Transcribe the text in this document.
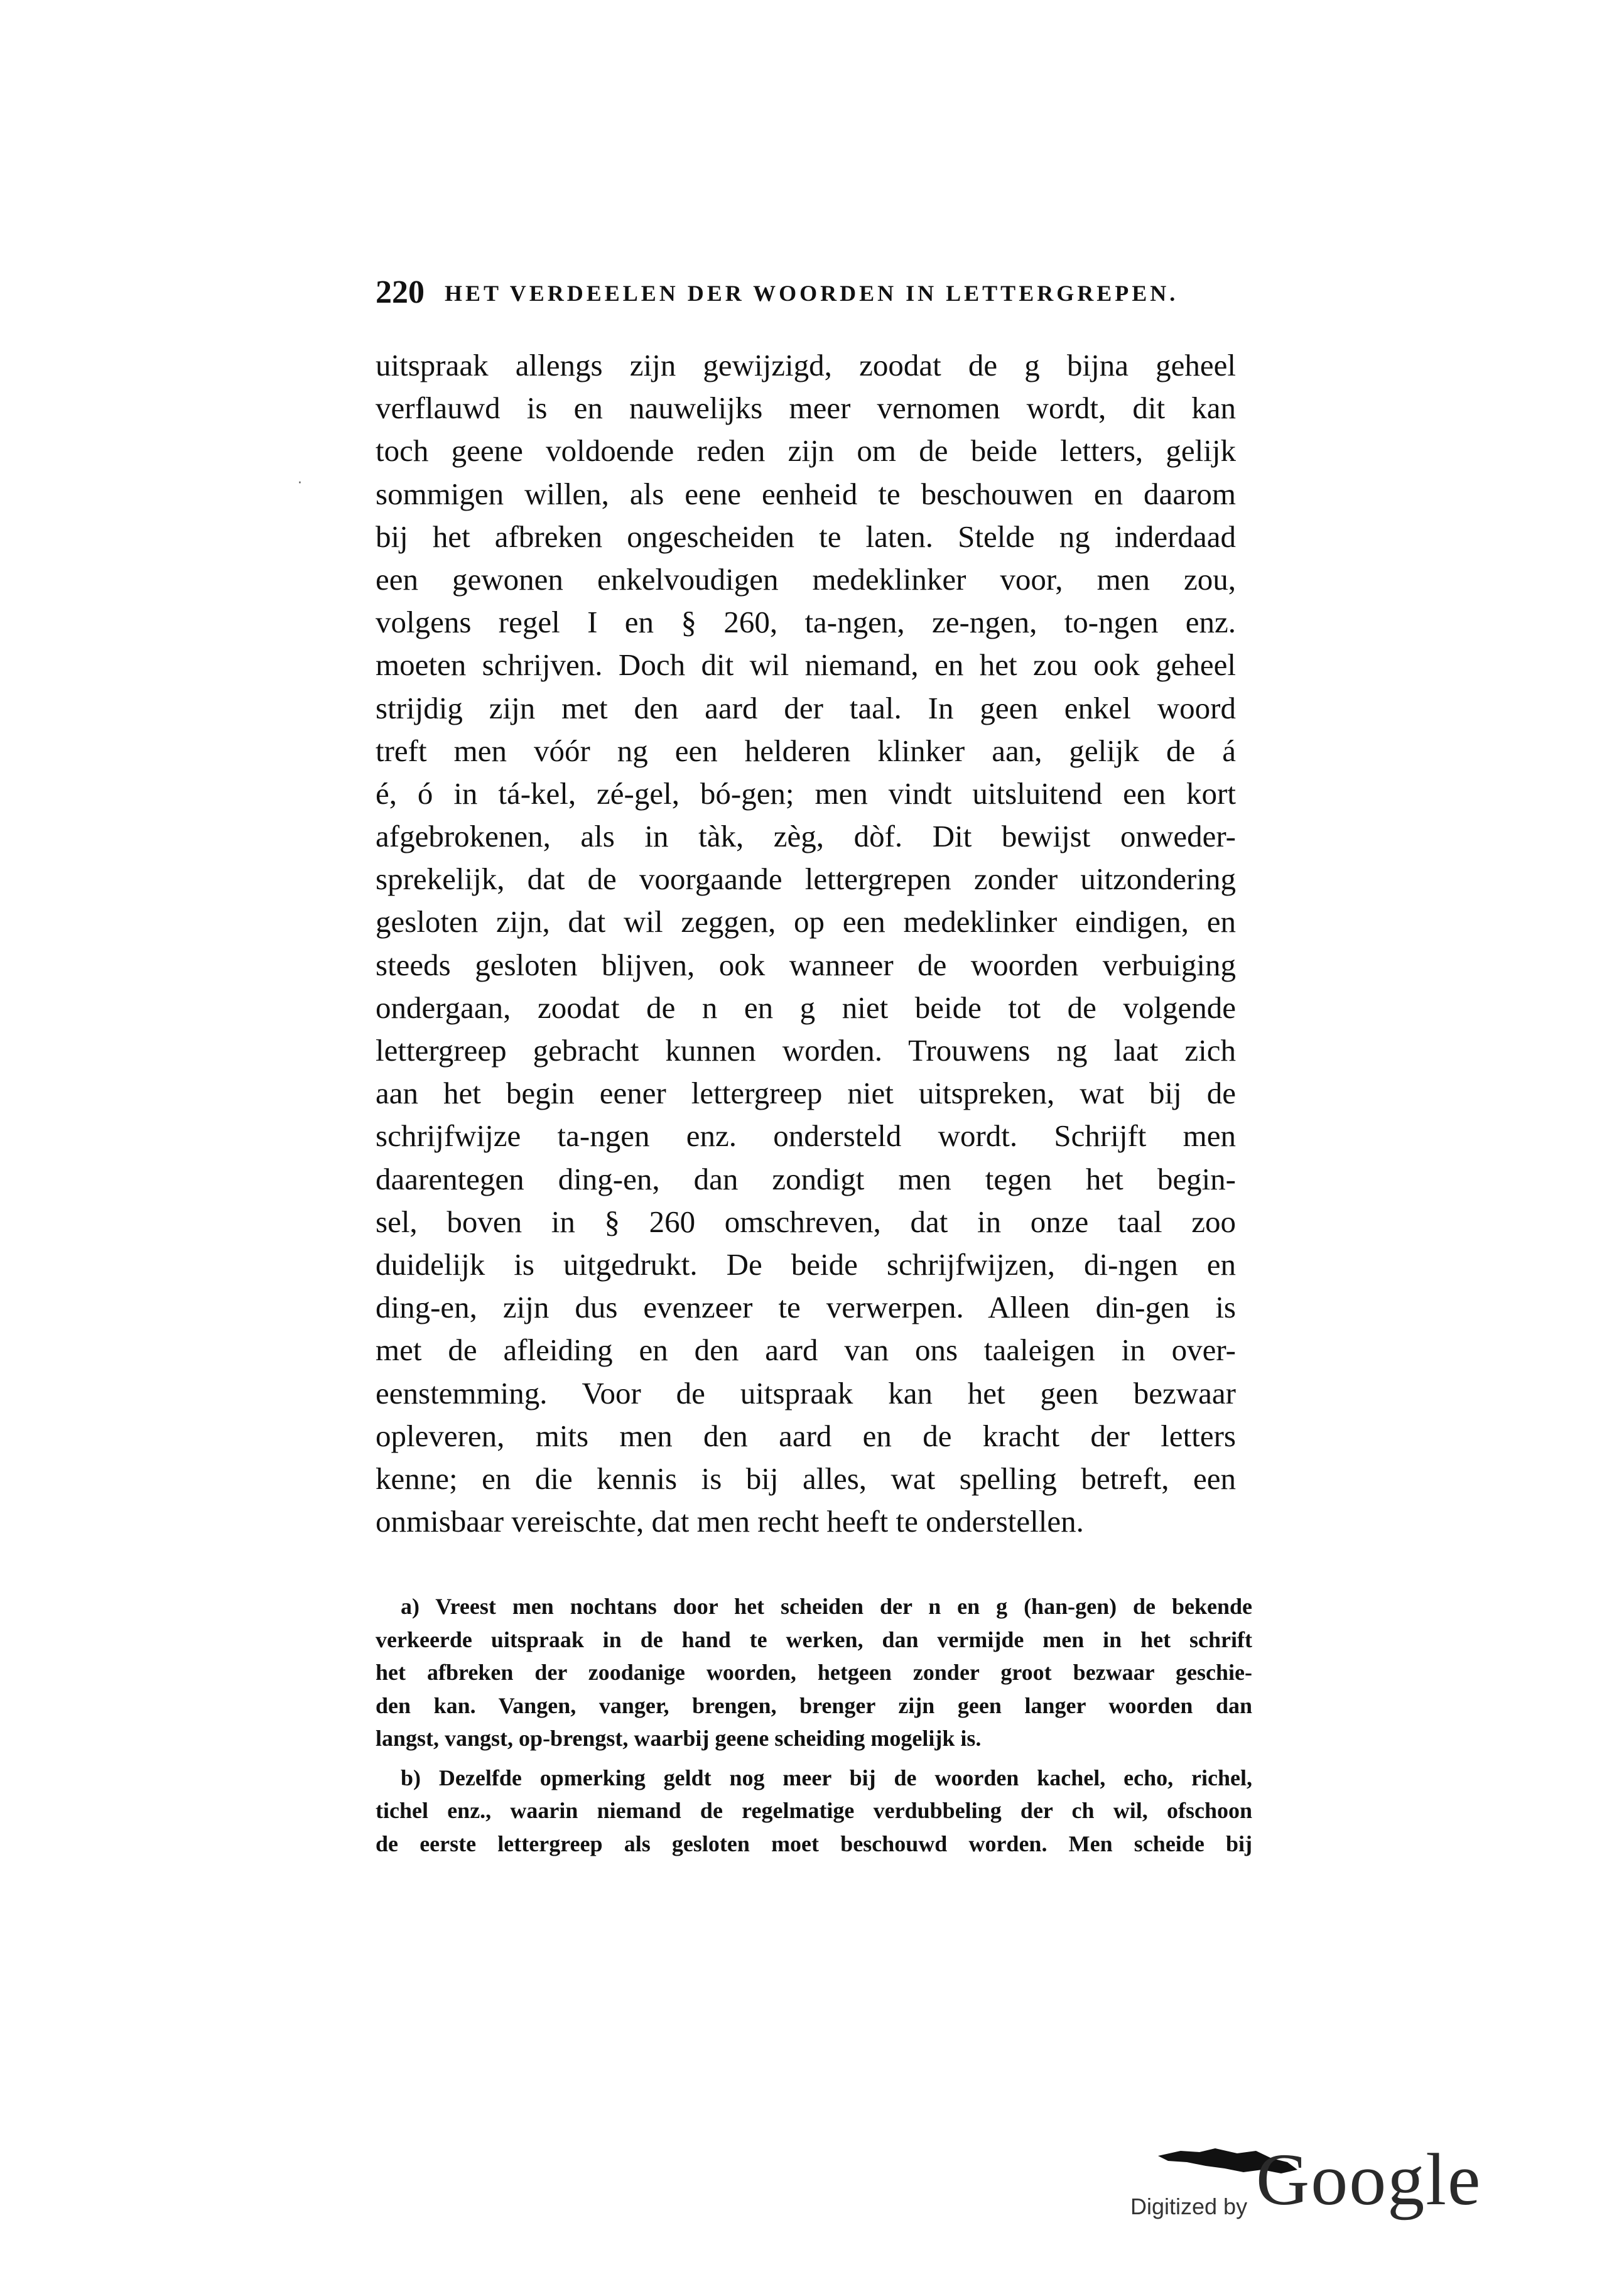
220 HET VERDEELEN DER WOORDEN IN LETTERGREPEN.
·
uitspraak allengs zijn gewijzigd, zoodat de g bijna geheel
verflauwd is en nauwelijks meer vernomen wordt, dit kan
toch geene voldoende reden zijn om de beide letters, gelijk
sommigen willen, als eene eenheid te beschouwen en daarom
bij het afbreken ongescheiden te laten. Stelde ng inderdaad
een gewonen enkelvoudigen medeklinker voor, men zou,
volgens regel I en § 260, ta-ngen, ze-ngen, to-ngen enz.
moeten schrijven. Doch dit wil niemand, en het zou ook geheel
strijdig zijn met den aard der taal. In geen enkel woord
treft men vóór ng een helderen klinker aan, gelijk de á
é, ó in tá-kel, zé-gel, bó-gen; men vindt uitsluitend een kort
afgebrokenen, als in tàk, zèg, dòf. Dit bewijst onweder-
sprekelijk, dat de voorgaande lettergrepen zonder uitzondering
gesloten zijn, dat wil zeggen, op een medeklinker eindigen, en
steeds gesloten blijven, ook wanneer de woorden verbuiging
ondergaan, zoodat de n en g niet beide tot de volgende
lettergreep gebracht kunnen worden. Trouwens ng laat zich
aan het begin eener lettergreep niet uitspreken, wat bij de
schrijfwijze ta-ngen enz. ondersteld wordt. Schrijft men
daarentegen ding-en, dan zondigt men tegen het begin-
sel, boven in § 260 omschreven, dat in onze taal zoo
duidelijk is uitgedrukt. De beide schrijfwijzen, di-ngen en
ding-en, zijn dus evenzeer te verwerpen. Alleen din-gen is
met de afleiding en den aard van ons taaleigen in over-
eenstemming. Voor de uitspraak kan het geen bezwaar
opleveren, mits men den aard en de kracht der letters
kenne; en die kennis is bij alles, wat spelling betreft, een
onmisbaar vereischte, dat men recht heeft te onderstellen.
a) Vreest men nochtans door het scheiden der n en g (han-gen) de bekende
verkeerde uitspraak in de hand te werken, dan vermijde men in het schrift
het afbreken der zoodanige woorden, hetgeen zonder groot bezwaar geschie-
den kan. Vangen, vanger, brengen, brenger zijn geen langer woorden dan
langst, vangst, op-brengst, waarbij geene scheiding mogelijk is.
b) Dezelfde opmerking geldt nog meer bij de woorden kachel, echo, richel,
tichel enz., waarin niemand de regelmatige verdubbeling der ch wil, ofschoon
de eerste lettergreep als gesloten moet beschouwd worden. Men scheide bij
Google
Digitized by
